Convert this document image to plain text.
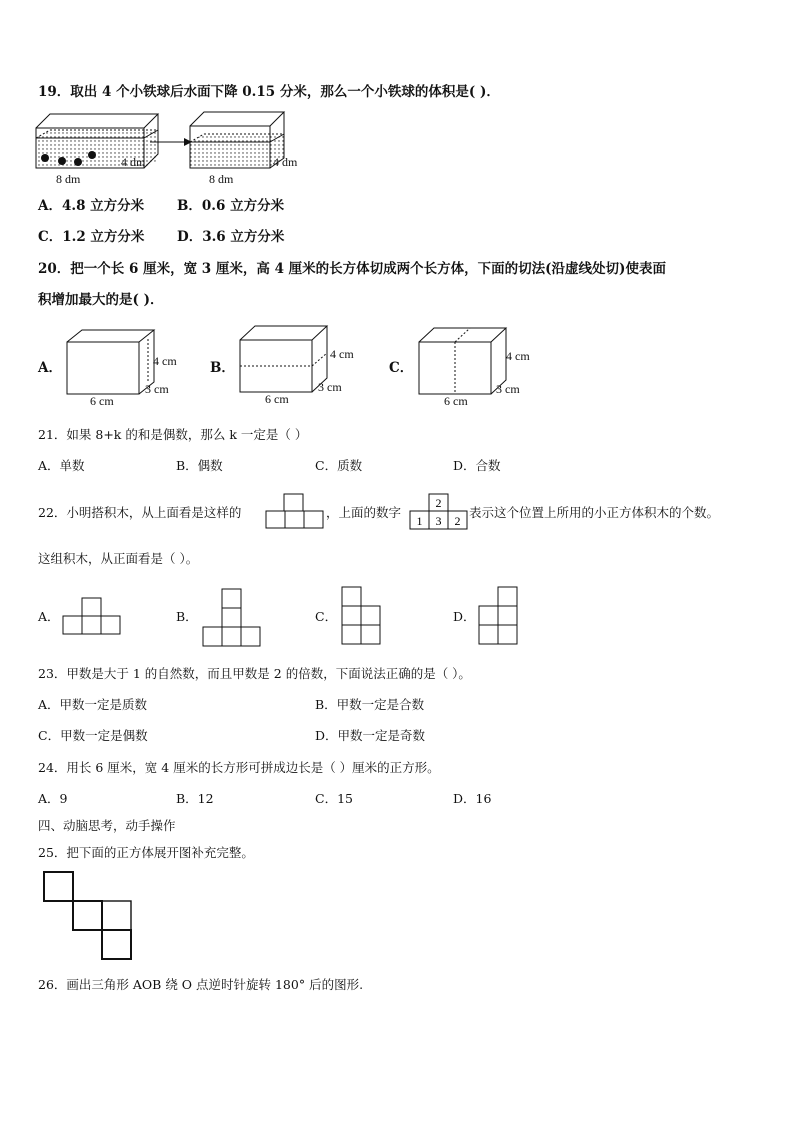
19．取出 4 个小铁球后水面下降 0.15 分米，那么一个小铁球的体积是( )．
4 dm
8 dm
4 dm
8 dm
A．4.8 立方分米 B．0.6 立方分米
C．1.2 立方分米 D．3.6 立方分米
20．把一个长 6 厘米，宽 3 厘米，高 4 厘米的长方体切成两个长方体，下面的切法(沿虚线处切)使表面
积增加最大的是( )．
A．	4 cm
3 cm
6 cm
B．
4 cm
3 cm
6 cm
C．
4 cm
3 cm
6 cm
21．如果 8+k 的和是偶数，那么 k 一定是（ ）
A．单数	B．偶数	C．质数	D．合数
22．小明搭积木，从上面看是这样的	，上面的数字
2
1 3 2
表示这个位置上所用的小正方体积木的个数。
这组积木，从正面看是（ ）。
A．	B．	C．	D．
23．甲数是大于 1 的自然数，而且甲数是 2 的倍数，下面说法正确的是（ ）。
A．甲数一定是质数	B．甲数一定是合数
C．甲数一定是偶数	D．甲数一定是奇数
24．用长 6 厘米，宽 4 厘米的长方形可拼成边长是（ ）厘米的正方形。
A．9	B．12	C．15	D．16
四、动脑思考，动手操作
25．把下面的正方体展开图补充完整。
26．画出三角形 AOB 绕 O 点逆时针旋转 180° 后的图形.
